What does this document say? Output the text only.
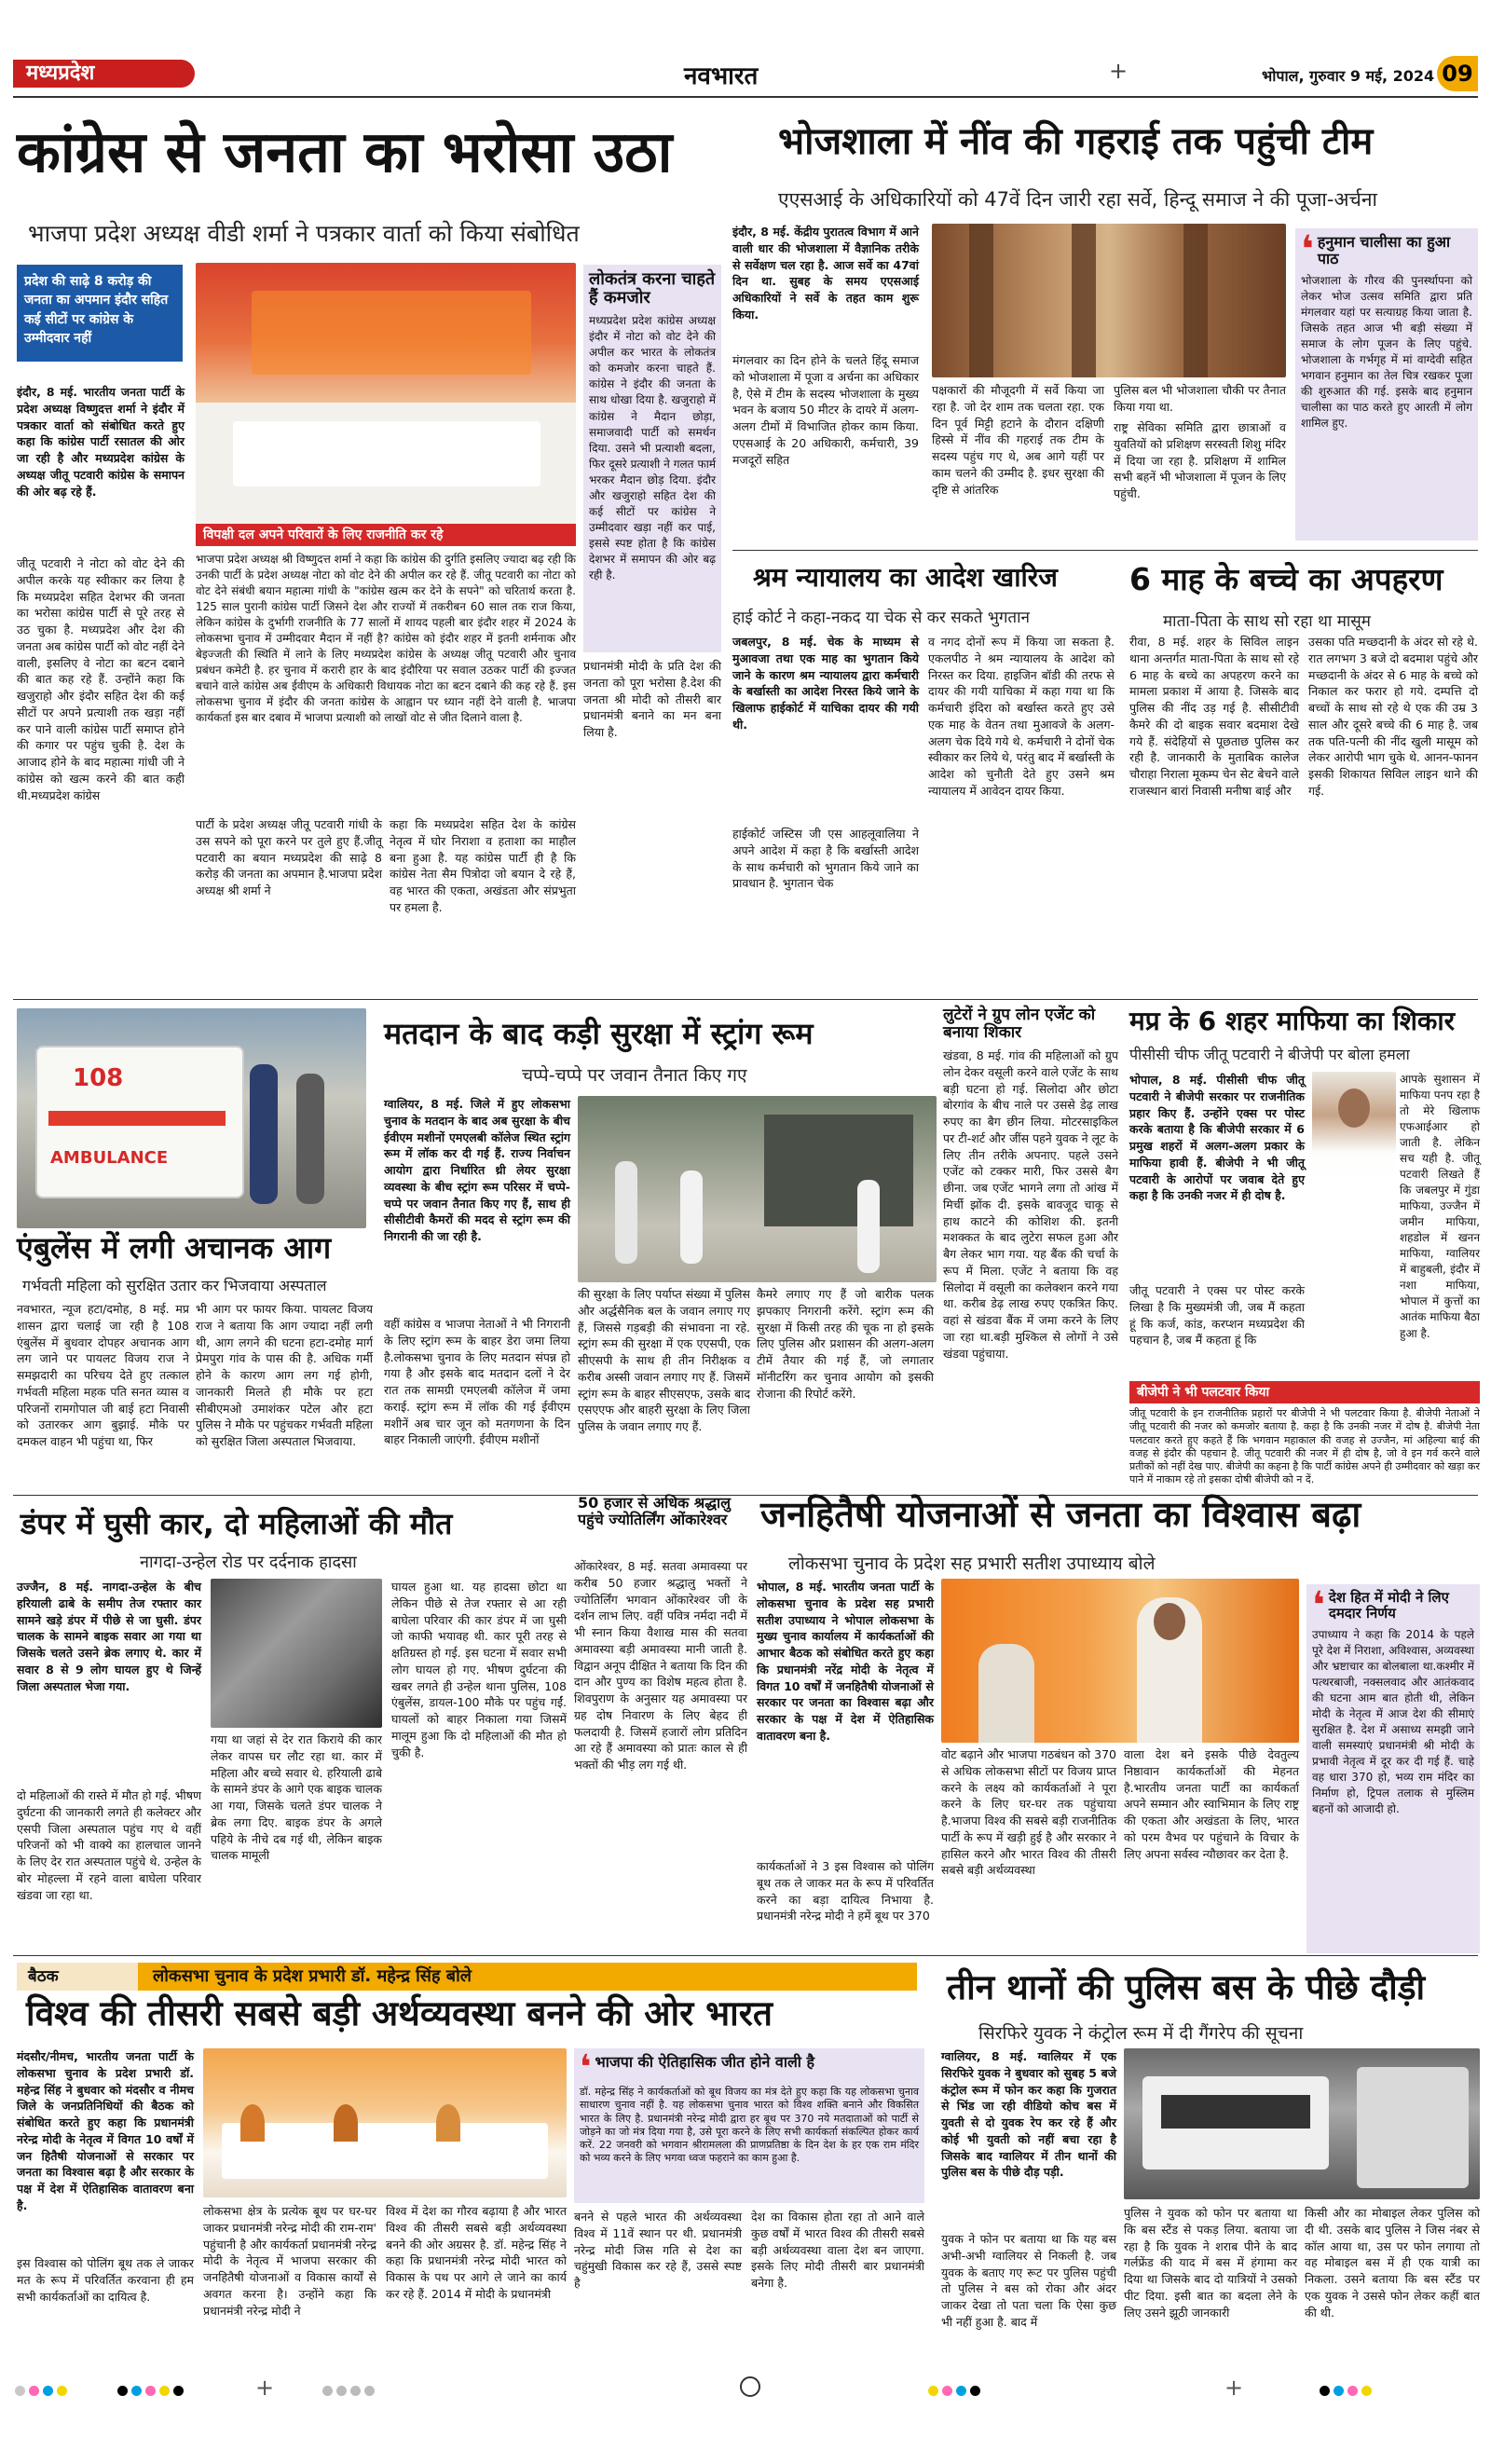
मध्यप्रदेश	नवभारत	+	भोपाल, गुरुवार 9 मई, 2024 09
कांग्रेस से जनता का भरोसा उठा
भाजपा प्रदेश अध्यक्ष वीडी शर्मा ने पत्रकार वार्ता को किया संबोधित
प्रदेश की साढ़े 8 करोड़ की जनता का अपमान इंदौर सहित कई सीटों पर कांग्रेस के उम्मीदवार नहीं
इंदौर, 8 मई. भारतीय जनता पार्टी के प्रदेश अध्यक्ष विष्णुदत्त शर्मा ने इंदौर में पत्रकार वार्ता को संबोधित करते हुए कहा कि कांग्रेस पार्टी रसातल की ओर जा रही है और मध्यप्रदेश कांग्रेस के अध्यक्ष जीतू पटवारी कांग्रेस के समापन की ओर बढ़ रहे हैं.
जीतू पटवारी ने नोटा को वोट देने की अपील करके यह स्वीकार कर लिया है कि मध्यप्रदेश सहित देशभर की जनता का भरोसा कांग्रेस पार्टी से पूरे तरह से उठ चुका है. मध्यप्रदेश और देश की जनता अब कांग्रेस पार्टी को वोट नहीं देने वाली, इसलिए वे नोटा का बटन दबाने की बात कह रहे हैं. उन्होंने कहा कि खजुराहो और इंदौर सहित देश की कई सीटों पर अपने प्रत्याशी तक खड़ा नहीं कर पाने वाली कांग्रेस पार्टी समाप्त होने की कगार पर पहुंच चुकी है. देश के आजाद होने के बाद महात्मा गांधी जी ने कांग्रेस को खत्म करने की बात कही थी.मध्यप्रदेश कांग्रेस
विपक्षी दल अपने परिवारों के लिए राजनीति कर रहे
भाजपा प्रदेश अध्यक्ष श्री विष्णुदत्त शर्मा ने कहा कि कांग्रेस की दुर्गति इसलिए ज्यादा बढ़ रही कि उनकी पार्टी के प्रदेश अध्यक्ष नोटा को वोट देने की अपील कर रहे हैं. जीतू पटवारी का नोटा को वोट देने संबंधी बयान महात्मा गांधी के "कांग्रेस खत्म कर देने के सपने" को चरितार्थ करता है. 125 साल पुरानी कांग्रेस पार्टी जिसने देश और राज्यों में तकरीबन 60 साल तक राज किया, लेकिन कांग्रेस के दुर्भागी राजनीति के 77 सालों में शायद पहली बार इंदौर शहर में 2024 के लोकसभा चुनाव में उम्मीदवार मैदान में नहीं है? कांग्रेस को इंदौर शहर में इतनी शर्मनाक और बेइज्जती की स्थिति में लाने के लिए मध्यप्रदेश कांग्रेस के अध्यक्ष जीतू पटवारी और चुनाव प्रबंधन कमेटी है. हर चुनाव में करारी हार के बाद इंदौरिया पर सवाल उठकर पार्टी की इज्जत बचाने वाले कांग्रेस अब ईवीएम के अधिकारी विधायक नोटा का बटन दबाने की कह रहे हैं. इस लोकसभा चुनाव में इंदौर की जनता कांग्रेस के आह्वान पर ध्यान नहीं देने वाली है. भाजपा कार्यकर्ता इस बार दबाव में भाजपा प्रत्याशी को लाखों वोट से जीत दिलाने वाला है.
लोकतंत्र करना चाहते हैं कमजोर
मध्यप्रदेश प्रदेश कांग्रेस अध्यक्ष इंदौर में नोटा को वोट देने की अपील कर भारत के लोकतंत्र को कमजोर करना चाहते हैं. कांग्रेस ने इंदौर की जनता के साथ धोखा दिया है. खजुराहो में कांग्रेस ने मैदान छोड़ा, समाजवादी पार्टी को समर्थन दिया. उसने भी प्रत्याशी बदला, फिर दूसरे प्रत्याशी ने गलत फार्म भरकर मैदान छोड़ दिया. इंदौर और खजुराहो सहित देश की कई सीटों पर कांग्रेस ने उम्मीदवार खड़ा नहीं कर पाई, इससे स्पष्ट होता है कि कांग्रेस देशभर में समापन की ओर बढ़ रही है.
पार्टी के प्रदेश अध्यक्ष जीतू पटवारी गांधी के उस सपने को पूरा करने पर तुले हुए हैं.जीतू पटवारी का बयान मध्यप्रदेश की साढ़े 8 करोड़ की जनता का अपमान है.भाजपा प्रदेश अध्यक्ष श्री शर्मा ने
कहा कि मध्यप्रदेश सहित देश के कांग्रेस नेतृत्व में घोर निराशा व हताशा का माहौल बना हुआ है. यह कांग्रेस पार्टी ही है कि कांग्रेस नेता सैम पित्रोदा जो बयान दे रहे हैं, वह भारत की एकता, अखंडता और संप्रभुता पर हमला है.
प्रधानमंत्री मोदी के प्रति देश की जनता को पूरा भरोसा है.देश की जनता श्री मोदी को तीसरी बार प्रधानमंत्री बनाने का मन बना लिया है.
भोजशाला में नींव की गहराई तक पहुंची टीम
एएसआई के अधिकारियों को 47वें दिन जारी रहा सर्वे, हिन्दू समाज ने की पूजा-अर्चना
इंदौर, 8 मई. केंद्रीय पुरातत्व विभाग में आने वाली धार की भोजशाला में वैज्ञानिक तरीके से सर्वेक्षण चल रहा है. आज सर्वे का 47वां दिन था. सुबह के समय एएसआई अधिकारियों ने सर्वे के तहत काम शुरू किया.
मंगलवार का दिन होने के चलते हिंदू समाज को भोजशाला में पूजा व अर्चना का अधिकार है, ऐसे में टीम के सदस्य भोजशाला के मुख्य भवन के बजाय 50 मीटर के दायरे में अलग-अलग टीमों में विभाजित होकर काम किया. एएसआई के 20 अधिकारी, कर्मचारी, 39 मजदूरों सहित
पक्षकारों की मौजूदगी में सर्वे किया जा रहा है. जो देर शाम तक चलता रहा. एक दिन पूर्व मिट्टी हटाने के दौरान दक्षिणी हिस्से में नींव की गहराई तक टीम के सदस्य पहुंच गए थे, अब आगे यहीं पर काम चलने की उम्मीद है. इधर सुरक्षा की दृष्टि से आंतरिक
पुलिस बल भी भोजशाला चौकी पर तैनात किया गया था.
राष्ट्र सेविका समिति द्वारा छात्राओं व युवतियों को प्रशिक्षण सरस्वती शिशु मंदिर में दिया जा रहा है. प्रशिक्षण में शामिल सभी बहनें भी भोजशाला में पूजन के लिए पहुंची.
❛ हनुमान चालीसा का हुआ पाठ
भोजशाला के गौरव की पुनर्स्थापना को लेकर भोज उत्सव समिति द्वारा प्रति मंगलवार यहां पर सत्याग्रह किया जाता है. जिसके तहत आज भी बड़ी संख्या में समाज के लोग पूजन के लिए पहुंचे. भोजशाला के गर्भगृह में मां वाग्देवी सहित भगवान हनुमान का तेल चित्र रखकर पूजा की शुरुआत की गई. इसके बाद हनुमान चालीसा का पाठ करते हुए आरती में लोग शामिल हुए.
श्रम न्यायालय का आदेश खारिज
हाई कोर्ट ने कहा-नकद या चेक से कर सकते भुगतान
जबलपुर, 8 मई. चेक के माध्यम से मुआवजा तथा एक माह का भुगतान किये जाने के कारण श्रम न्यायालय द्वारा कर्मचारी के बर्खास्ती का आदेश निरस्त किये जाने के खिलाफ हाईकोर्ट में याचिका दायर की गयी थी.
हाईकोर्ट जस्टिस जी एस आहलूवालिया ने अपने आदेश में कहा है कि बर्खास्ती आदेश के साथ कर्मचारी को भुगतान किये जाने का प्रावधान है. भुगतान चेक
व नगद दोनों रूप में किया जा सकता है. एकलपीठ ने श्रम न्यायालय के आदेश को निरस्त कर दिया. हाइजिन बॉडी की तरफ से दायर की गयी याचिका में कहा गया था कि कर्मचारी इंदिरा को बर्खास्त करते हुए उसे एक माह के वेतन तथा मुआवजे के अलग-अलग चेक दिये गये थे. कर्मचारी ने दोनों चेक स्वीकार कर लिये थे, परंतु बाद में बर्खास्ती के आदेश को चुनौती देते हुए उसने श्रम न्यायालय में आवेदन दायर किया.
6 माह के बच्चे का अपहरण
माता-पिता के साथ सो रहा था मासूम
रीवा, 8 मई. शहर के सिविल लाइन थाना अन्तर्गत माता-पिता के साथ सो रहे 6 माह के बच्चे का अपहरण करने का मामला प्रकाश में आया है. जिसके बाद पुलिस की नींद उड़ गई है. सीसीटीवी कैमरे की दो बाइक सवार बदमाश देखे गये हैं. संदेहियों से पूछताछ पुलिस कर रही है. जानकारी के मुताबिक कालेज चौराहा निराला मूकम्प चेन सेट बेचने वाले राजस्थान बारां निवासी मनीषा बाई और
उसका पति मच्छदानी के अंदर सो रहे थे. रात लगभग 3 बजे दो बदमाश पहुंचे और मच्छदानी के अंदर से 6 माह के बच्चे को निकाल कर फरार हो गये. दम्पत्ति दो बच्चों के साथ सो रहे थे एक की उम्र 3 साल और दूसरे बच्चे की 6 माह है. जब तक पति-पत्नी की नींद खुली मासूम को लेकर आरोपी भाग चुके थे. आनन-फानन इसकी शिकायत सिविल लाइन थाने की गई.
AMBULANCE
108
एंबुलेंस में लगी अचानक आग
गर्भवती महिला को सुरक्षित उतार कर भिजवाया अस्पताल
नवभारत, न्यूज हटा/दमोह, 8 मई. मप्र शासन द्वारा चलाई जा रही है 108 एंबुलेंस में बुधवार दोपहर अचानक आग लग जाने पर पायलट विजय राज ने समझदारी का परिचय देते हुए तत्काल गर्भवती महिला महक पति सनत व्यास व परिजनों रामगोपाल जी बाई हटा निवासी को उतारकर आग बुझाई. मौके पर दमकल वाहन भी पहुंचा था, फिर
भी आग पर फायर किया. पायलट विजय राज ने बताया कि आग ज्यादा नहीं लगी थी, आग लगने की घटना हटा-दमोह मार्ग प्रेमपुरा गांव के पास की है. अधिक गर्मी होने के कारण आग लग गई होगी, जानकारी मिलते ही मौके पर हटा सीबीएमओ उमाशंकर पटेल और हटा पुलिस ने मौके पर पहुंचकर गर्भवती महिला को सुरक्षित जिला अस्पताल भिजवाया.
मतदान के बाद कड़ी सुरक्षा में स्ट्रांग रूम
चप्पे-चप्पे पर जवान तैनात किए गए
ग्वालियर, 8 मई. जिले में हुए लोकसभा चुनाव के मतदान के बाद अब सुरक्षा के बीच ईवीएम मशीनों एमएलबी कॉलेज स्थित स्ट्रांग रूम में लॉक कर दी गई हैं. राज्य निर्वाचन आयोग द्वारा निर्धारित थ्री लेयर सुरक्षा व्यवस्था के बीच स्ट्रांग रूम परिसर में चप्पे-चप्पे पर जवान तैनात किए गए हैं, साथ ही सीसीटीवी कैमरों की मदद से स्ट्रांग रूम की निगरानी की जा रही है.
वहीं कांग्रेस व भाजपा नेताओं ने भी निगरानी के लिए स्ट्रांग रूम के बाहर डेरा जमा लिया है.लोकसभा चुनाव के लिए मतदान संपन्न हो गया है और इसके बाद मतदान दलों ने देर रात तक सामग्री एमएलबी कॉलेज में जमा कराई. स्ट्रांग रूम में लॉक की गई ईवीएम मशीनें अब चार जून को मतगणना के दिन बाहर निकाली जाएंगी. ईवीएम मशीनों
की सुरक्षा के लिए पर्याप्त संख्या में पुलिस और अर्द्धसैनिक बल के जवान लगाए गए हैं, जिससे गड़बड़ी की संभावना ना रहे. स्ट्रांग रूम की सुरक्षा में एक एएसपी, एक सीएसपी के साथ ही तीन निरीक्षक व करीब अस्सी जवान लगाए गए हैं. जिसमें स्ट्रांग रूम के बाहर सीएसएफ, उसके बाद एसएएफ और बाहरी सुरक्षा के लिए जिला पुलिस के जवान लगाए गए हैं.
कैमरे लगाए गए हैं जो बारीक पलक झपकाए निगरानी करेंगे. स्ट्रांग रूम की सुरक्षा में किसी तरह की चूक ना हो इसके लिए पुलिस और प्रशासन की अलग-अलग टीमें तैयार की गई हैं, जो लगातार मॉनीटरिंग कर चुनाव आयोग को इसकी रोजाना की रिपोर्ट करेंगे.
लुटेरों ने ग्रुप लोन एजेंट को बनाया शिकार
खंडवा, 8 मई. गांव की महिलाओं को ग्रुप लोन देकर वसूली करने वाले एजेंट के साथ बड़ी घटना हो गई. सिलोदा और छोटा बोरगांव के बीच नाले पर उससे डेढ़ लाख रुपए का बैग छीन लिया. मोटरसाइकिल पर टी-शर्ट और जींस पहने युवक ने लूट के लिए तीन तरीके अपनाए. पहले उसने एजेंट को टक्कर मारी, फिर उससे बैग छीना. जब एजेंट भागने लगा तो आंख में मिर्ची झोंक दी. इसके बावजूद चाकू से हाथ काटने की कोशिश की. इतनी मशक्कत के बाद लुटेरा सफल हुआ और बैग लेकर भाग गया. यह बैंक की चर्चा के रूप में मिला. एजेंट ने बताया कि वह सिलोदा में वसूली का कलेक्शन करने गया था. करीब डेढ़ लाख रुपए एकत्रित किए. वहां से खंडवा बैंक में जमा करने के लिए जा रहा था.बड़ी मुश्किल से लोगों ने उसे खंडवा पहुंचाया.
मप्र के 6 शहर माफिया का शिकार
पीसीसी चीफ जीतू पटवारी ने बीजेपी पर बोला हमला
भोपाल, 8 मई. पीसीसी चीफ जीतू पटवारी ने बीजेपी सरकार पर राजनीतिक प्रहार किए हैं. उन्होंने एक्स पर पोस्ट करके बताया है कि बीजेपी सरकार में 6 प्रमुख शहरों में अलग-अलग प्रकार के माफिया हावी हैं. बीजेपी ने भी जीतू पटवारी के आरोपों पर जवाब देते हुए कहा है कि उनकी नजर में ही दोष है.
आपके सुशासन में माफिया पनप रहा है तो मेरे खिलाफ एफआईआर हो जाती है. लेकिन सच यही है. जीतू पटवारी लिखते हैं कि जबलपुर में गुंडा माफिया, उज्जैन में जमीन माफिया, शहडोल में खनन माफिया, ग्वालियर में बाहुबली, इंदौर में नशा माफिया, भोपाल में कुत्तों का आतंक माफिया बैठा हुआ है.
जीतू पटवारी ने एक्स पर पोस्ट करके लिखा है कि मुख्यमंत्री जी, जब मैं कहता हूं कि कर्ज, कांड, करप्शन मध्यप्रदेश की पहचान है, जब मैं कहता हूं कि
बीजेपी ने भी पलटवार किया
जीतू पटवारी के इन राजनीतिक प्रहारों पर बीजेपी ने भी पलटवार किया है. बीजेपी नेताओं ने जीतू पटवारी की नजर को कमजोर बताया है. कहा है कि उनकी नजर में दोष है. बीजेपी नेता पलटवार करते हुए कहते हैं कि भगवान महाकाल की वजह से उज्जैन, मां अहिल्या बाई की वजह से इंदौर की पहचान है. जीतू पटवारी की नजर में ही दोष है, जो वे इन गर्व करने वाले प्रतीकों को नहीं देख पाए. बीजेपी का कहना है कि पार्टी कांग्रेस अपने ही उम्मीदवार को खड़ा कर पाने में नाकाम रहे तो इसका दोषी बीजेपी को न दें.
डंपर में घुसी कार, दो महिलाओं की मौत
नागदा-उन्हेल रोड पर दर्दनाक हादसा
उज्जैन, 8 मई. नागदा-उन्हेल के बीच हरियाली ढाबे के समीप तेज रफ्तार कार सामने खड़े डंपर में पीछे से जा घुसी. डंपर चालक के सामने बाइक सवार आ गया था जिसके चलते उसने ब्रेक लगाए थे. कार में सवार 8 से 9 लोग घायल हुए थे जिन्हें जिला अस्पताल भेजा गया.
दो महिलाओं की रास्ते में मौत हो गई. भीषण दुर्घटना की जानकारी लगते ही कलेक्टर और एसपी जिला अस्पताल पहुंच गए थे वहीं परिजनों को भी वाक्ये का हालचाल जानने के लिए देर रात अस्पताल पहुंचे थे. उन्हेल के बोर मोहल्ला में रहने वाला बाघेला परिवार खंडवा जा रहा था.
गया था जहां से देर रात किराये की कार लेकर वापस घर लौट रहा था. कार में महिला और बच्चे सवार थे. हरियाली ढाबे के सामने डंपर के आगे एक बाइक चालक आ गया, जिसके चलते डंपर चालक ने ब्रेक लगा दिए. बाइक डंपर के अगले पहिये के नीचे दब गई थी, लेकिन बाइक चालक मामूली
घायल हुआ था. यह हादसा छोटा था लेकिन पीछे से तेज रफ्तार से आ रही बाघेला परिवार की कार डंपर में जा घुसी जो काफी भयावह थी. कार पूरी तरह से क्षतिग्रस्त हो गई. इस घटना में सवार सभी लोग घायल हो गए. भीषण दुर्घटना की खबर लगते ही उन्हेल थाना पुलिस, 108 एंबुलेंस, डायल-100 मौके पर पहुंच गईं. घायलों को बाहर निकाला गया जिसमें मालूम हुआ कि दो महिलाओं की मौत हो चुकी है.
50 हजार से अधिक श्रद्धालु पहुंचे ज्योतिर्लिंग ओंकारेश्वर
ओंकारेश्वर, 8 मई. सतवा अमावस्या पर करीब 50 हजार श्रद्धालु भक्तों ने ज्योतिर्लिंग भगवान ओंकारेश्वर जी के दर्शन लाभ लिए. वहीं पवित्र नर्मदा नदी में भी स्नान किया वैशाख मास की सतवा अमावस्या बड़ी अमावस्या मानी जाती है. विद्वान अनूप दीक्षित ने बताया कि दिन की दान और पुण्य का विशेष महत्व होता है. शिवपुराण के अनुसार यह अमावस्या पर ग्रह दोष निवारण के लिए बेहद ही फलदायी है. जिसमें हजारों लोग प्रतिदिन आ रहे हैं अमावस्या को प्रातः काल से ही भक्तों की भीड़ लग गई थी.
जनहितैषी योजनाओं से जनता का विश्वास बढ़ा
लोकसभा चुनाव के प्रदेश सह प्रभारी सतीश उपाध्याय बोले
भोपाल, 8 मई. भारतीय जनता पार्टी के लोकसभा चुनाव के प्रदेश सह प्रभारी सतीश उपाध्याय ने भोपाल लोकसभा के मुख्य चुनाव कार्यालय में कार्यकर्ताओं की आभार बैठक को संबोधित करते हुए कहा कि प्रधानमंत्री नरेंद्र मोदी के नेतृत्व में विगत 10 वर्षों में जनहितैषी योजनाओं से सरकार पर जनता का विश्वास बढ़ा और सरकार के पक्ष में देश में ऐतिहासिक वातावरण बना है.
कार्यकर्ताओं ने 3 इस विश्वास को पोलिंग बूथ तक ले जाकर मत के रूप में परिवर्तित करने का बड़ा दायित्व निभाया है. प्रधानमंत्री नरेन्द्र मोदी ने हमें बूथ पर 370
वोट बढ़ाने और भाजपा गठबंधन को 370 से अधिक लोकसभा सीटों पर विजय प्राप्त करने के लक्ष्य को कार्यकर्ताओं ने पूरा करने के लिए घर-घर तक पहुंचाया है.भाजपा विश्व की सबसे बड़ी राजनीतिक पार्टी के रूप में खड़ी हुई है और सरकार ने हासिल करने और भारत विश्व की तीसरी सबसे बड़ी अर्थव्यवस्था
वाला देश बने इसके पीछे देवतुल्य निष्ठावान कार्यकर्ताओं की मेहनत है.भारतीय जनता पार्टी का कार्यकर्ता अपने सम्मान और स्वाभिमान के लिए राष्ट्र की एकता और अखंडता के लिए, भारत को परम वैभव पर पहुंचाने के विचार के लिए अपना सर्वस्व न्यौछावर कर देता है.
❛ देश हित में मोदी ने लिए दमदार निर्णय
उपाध्याय ने कहा कि 2014 के पहले पूरे देश में निराशा, अविश्वास, अव्यवस्था और भ्रष्टाचार का बोलबाला था.कश्मीर में पत्थरबाजी, नक्सलवाद और आतंकवाद की घटना आम बात होती थी, लेकिन मोदी के नेतृत्व में आज देश की सीमाएं सुरक्षित है. देश में असाध्य समझी जाने वाली समस्याएं प्रधानमंत्री श्री मोदी के प्रभावी नेतृत्व में दूर कर दी गई हैं. चाहे वह धारा 370 हो, भव्य राम मंदिर का निर्माण हो, ट्रिपल तलाक से मुस्लिम बहनों को आजादी हो.
बैठक	लोकसभा चुनाव के प्रदेश प्रभारी डॉ. महेन्द्र सिंह बोले
विश्व की तीसरी सबसे बड़ी अर्थव्यवस्था बनने की ओर भारत
मंदसौर/नीमच, भारतीय जनता पार्टी के लोकसभा चुनाव के प्रदेश प्रभारी डॉ. महेन्द्र सिंह ने बुधवार को मंदसौर व नीमच जिले के जनप्रतिनिधियों की बैठक को संबोधित करते हुए कहा कि प्रधानमंत्री नरेन्द्र मोदी के नेतृत्व में विगत 10 वर्षों में जन हितैषी योजनाओं से सरकार पर जनता का विश्वास बढ़ा है और सरकार के पक्ष में देश में ऐतिहासिक वातावरण बना है.
इस विश्वास को पोलिंग बूथ तक ले जाकर मत के रूप में परिवर्तित करवाना ही हम सभी कार्यकर्ताओं का दायित्व है.
लोकसभा क्षेत्र के प्रत्येक बूथ पर घर-घर जाकर प्रधानमंत्री नरेन्द्र मोदी की राम-राम' पहुंचानी है और कार्यकर्ता प्रधानमंत्री नरेन्द्र मोदी के नेतृत्व में भाजपा सरकार की जनहितैषी योजनाओं व विकास कार्यों से अवगत करना है। उन्होंने कहा कि प्रधानमंत्री नरेन्द्र मोदी ने
विश्व में देश का गौरव बढ़ाया है और भारत विश्व की तीसरी सबसे बड़ी अर्थव्यवस्था बनने की ओर अग्रसर है. डॉ. महेन्द्र सिंह ने कहा कि प्रधानमंत्री नरेन्द्र मोदी भारत को विकास के पथ पर आगे ले जाने का कार्य कर रहे हैं. 2014 में मोदी के प्रधानमंत्री
❛ भाजपा की ऐतिहासिक जीत होने वाली है
डॉ. महेन्द्र सिंह ने कार्यकर्ताओं को बूथ विजय का मंत्र देते हुए कहा कि यह लोकसभा चुनाव साधारण चुनाव नहीं है. यह लोकसभा चुनाव भारत को विश्व शक्ति बनाने और विकसित भारत के लिए है. प्रधानमंत्री नरेन्द्र मोदी द्वारा हर बूथ पर 370 नये मतदाताओं को पार्टी से जोड़ने का जो मंत्र दिया गया है, उसे पूरा करने के लिए सभी कार्यकर्ता संकल्पित होकर कार्य करें. 22 जनवरी को भगवान श्रीरामलला की प्राणप्रतिष्ठा के दिन देश के हर एक राम मंदिर को भव्य करने के लिए भगवा ध्वज फहराने का काम हुआ है.
बनने से पहले भारत की अर्थव्यवस्था विश्व में 11वें स्थान पर थी. प्रधानमंत्री नरेन्द्र मोदी जिस गति से देश का चहुंमुखी विकास कर रहे हैं, उससे स्पष्ट है
देश का विकास होता रहा तो आने वाले कुछ वर्षों में भारत विश्व की तीसरी सबसे बड़ी अर्थव्यवस्था वाला देश बन जाएगा. इसके लिए मोदी तीसरी बार प्रधानमंत्री बनेगा है.
तीन थानों की पुलिस बस के पीछे दौड़ी
सिरफिरे युवक ने कंट्रोल रूम में दी गैंगरेप की सूचना
ग्वालियर, 8 मई. ग्वालियर में एक सिरफिरे युवक ने बुधवार को सुबह 5 बजे कंट्रोल रूम में फोन कर कहा कि गुजरात से भिंड जा रही वीडियो कोच बस में युवती से दो युवक रेप कर रहे हैं और कोई भी युवती को नहीं बचा रहा है जिसके बाद ग्वालियर में तीन थानों की पुलिस बस के पीछे दौड़ पड़ी.
युवक ने फोन पर बताया था कि यह बस अभी-अभी ग्वालियर से निकली है. जब युवक के बताए गए रूट पर पुलिस पहुंची तो पुलिस ने बस को रोका और अंदर जाकर देखा तो पता चला कि ऐसा कुछ भी नहीं हुआ है. बाद में
पुलिस ने युवक को फोन पर बताया था कि बस स्टैंड से पकड़ लिया. बताया जा रहा है कि युवक ने शराब पीने के बाद गर्लफ्रेंड की याद में बस में हंगामा कर दिया था जिसके बाद दो यात्रियों ने उसको पीट दिया. इसी बात का बदला लेने के लिए उसने झूठी जानकारी
किसी और का मोबाइल लेकर पुलिस को दी थी. उसके बाद पुलिस ने जिस नंबर से कॉल आया था, उस पर फोन लगाया तो वह मोबाइल बस में ही एक यात्री का निकला. उसने बताया कि बस स्टैंड पर एक युवक ने उससे फोन लेकर कहीं बात की थी.
+	+
